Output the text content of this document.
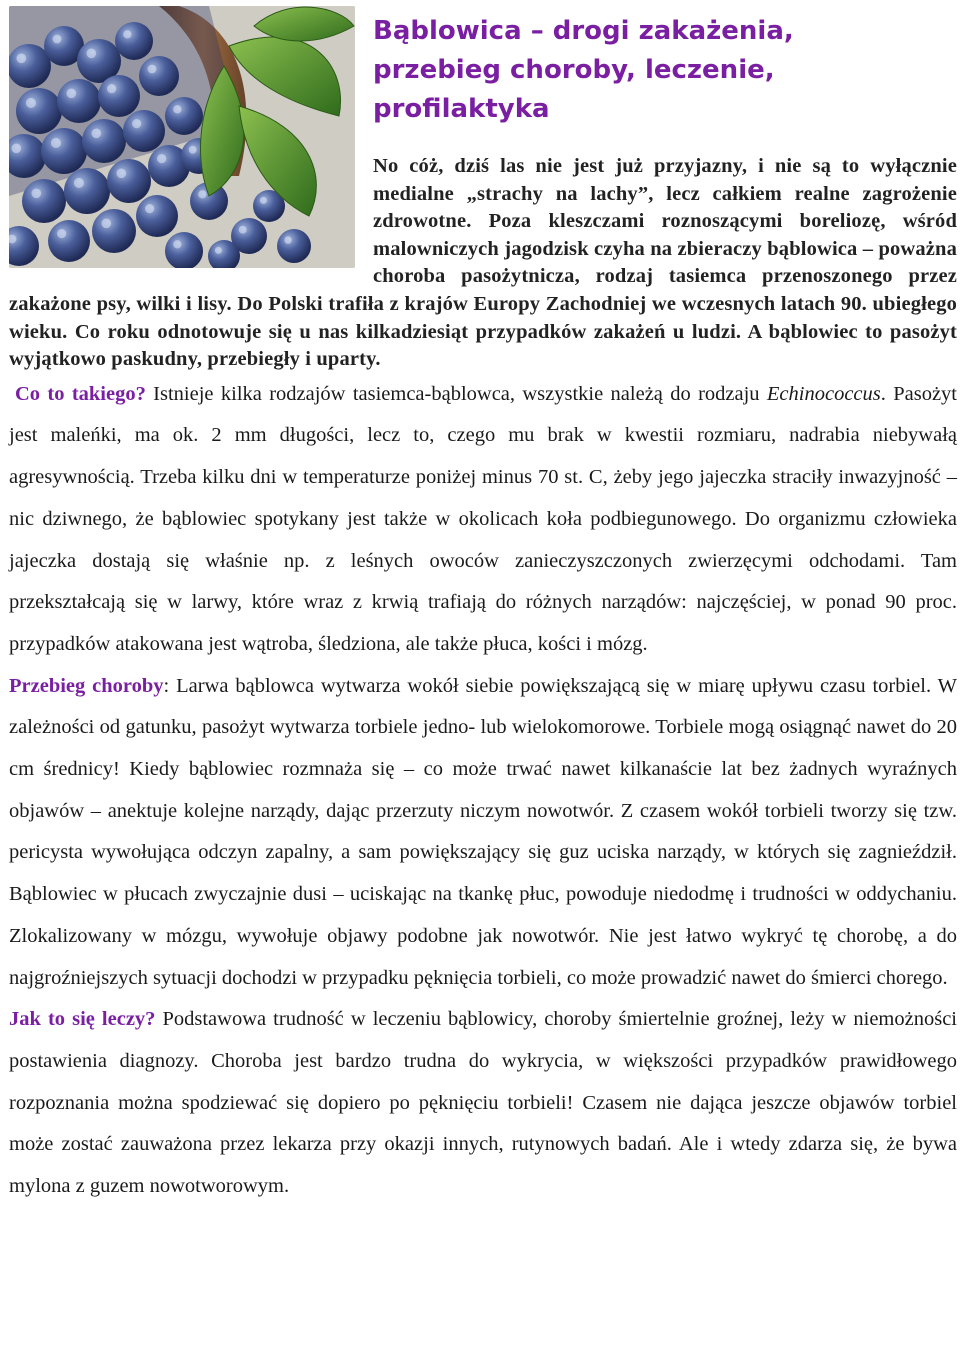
Bąblowica – drogi zakażenia,
przebieg choroby, leczenie,
profilaktyka

No cóż, dziś las nie jest już przyjazny, i nie są to wyłącznie medialne „strachy na lachy”, lecz całkiem realne zagrożenie zdrowotne. Poza kleszczami roznoszącymi boreliozę, wśród malowniczych jagodzisk czyha na zbieraczy bąblowica – poważna choroba pasożytnicza, rodzaj tasiemca przenoszonego przez zakażone psy, wilki i lisy. Do Polski trafiła z krajów Europy Zachodniej we wczesnych latach 90. ubiegłego wieku. Co roku odnotowuje się u nas kilkadziesiąt przypadków zakażeń u ludzi. A bąblowiec to pasożyt wyjątkowo paskudny, przebiegły i uparty.

Co to takiego? Istnieje kilka rodzajów tasiemca-bąblowca, wszystkie należą do rodzaju Echinococcus. Pasożyt jest maleńki, ma ok. 2 mm długości, lecz to, czego mu brak w kwestii rozmiaru, nadrabia niebywałą agresywnością. Trzeba kilku dni w temperaturze poniżej minus 70 st. C, żeby jego jajeczka straciły inwazyjność – nic dziwnego, że bąblowiec spotykany jest także w okolicach koła podbiegunowego. Do organizmu człowieka jajeczka dostają się właśnie np. z leśnych owoców zanieczyszczonych zwierzęcymi odchodami. Tam przekształcają się w larwy, które wraz z krwią trafiają do różnych narządów: najczęściej, w ponad 90 proc. przypadków atakowana jest wątroba, śledziona, ale także płuca, kości i mózg.

Przebieg choroby: Larwa bąblowca wytwarza wokół siebie powiększającą się w miarę upływu czasu torbiel. W zależności od gatunku, pasożyt wytwarza torbiele jedno- lub wielokomorowe. Torbiele mogą osiągnąć nawet do 20 cm średnicy! Kiedy bąblowiec rozmnaża się – co może trwać nawet kilkanaście lat bez żadnych wyraźnych objawów – anektuje kolejne narządy, dając przerzuty niczym nowotwór. Z czasem wokół torbieli tworzy się tzw. pericysta wywołująca odczyn zapalny, a sam powiększający się guz uciska narządy, w których się zagnieździł. Bąblowiec w płucach zwyczajnie dusi – uciskając na tkankę płuc, powoduje niedodmę i trudności w oddychaniu. Zlokalizowany w mózgu, wywołuje objawy podobne jak nowotwór. Nie jest łatwo wykryć tę chorobę, a do najgroźniejszych sytuacji dochodzi w przypadku pęknięcia torbieli, co może prowadzić nawet do śmierci chorego.

Jak to się leczy? Podstawowa trudność w leczeniu bąblowicy, choroby śmiertelnie groźnej, leży w niemożności postawienia diagnozy. Choroba jest bardzo trudna do wykrycia, w większości przypadków prawidłowego rozpoznania można spodziewać się dopiero po pęknięciu torbieli! Czasem nie dająca jeszcze objawów torbiel może zostać zauważona przez lekarza przy okazji innych, rutynowych badań. Ale i wtedy zdarza się, że bywa mylona z guzem nowotworowym.
